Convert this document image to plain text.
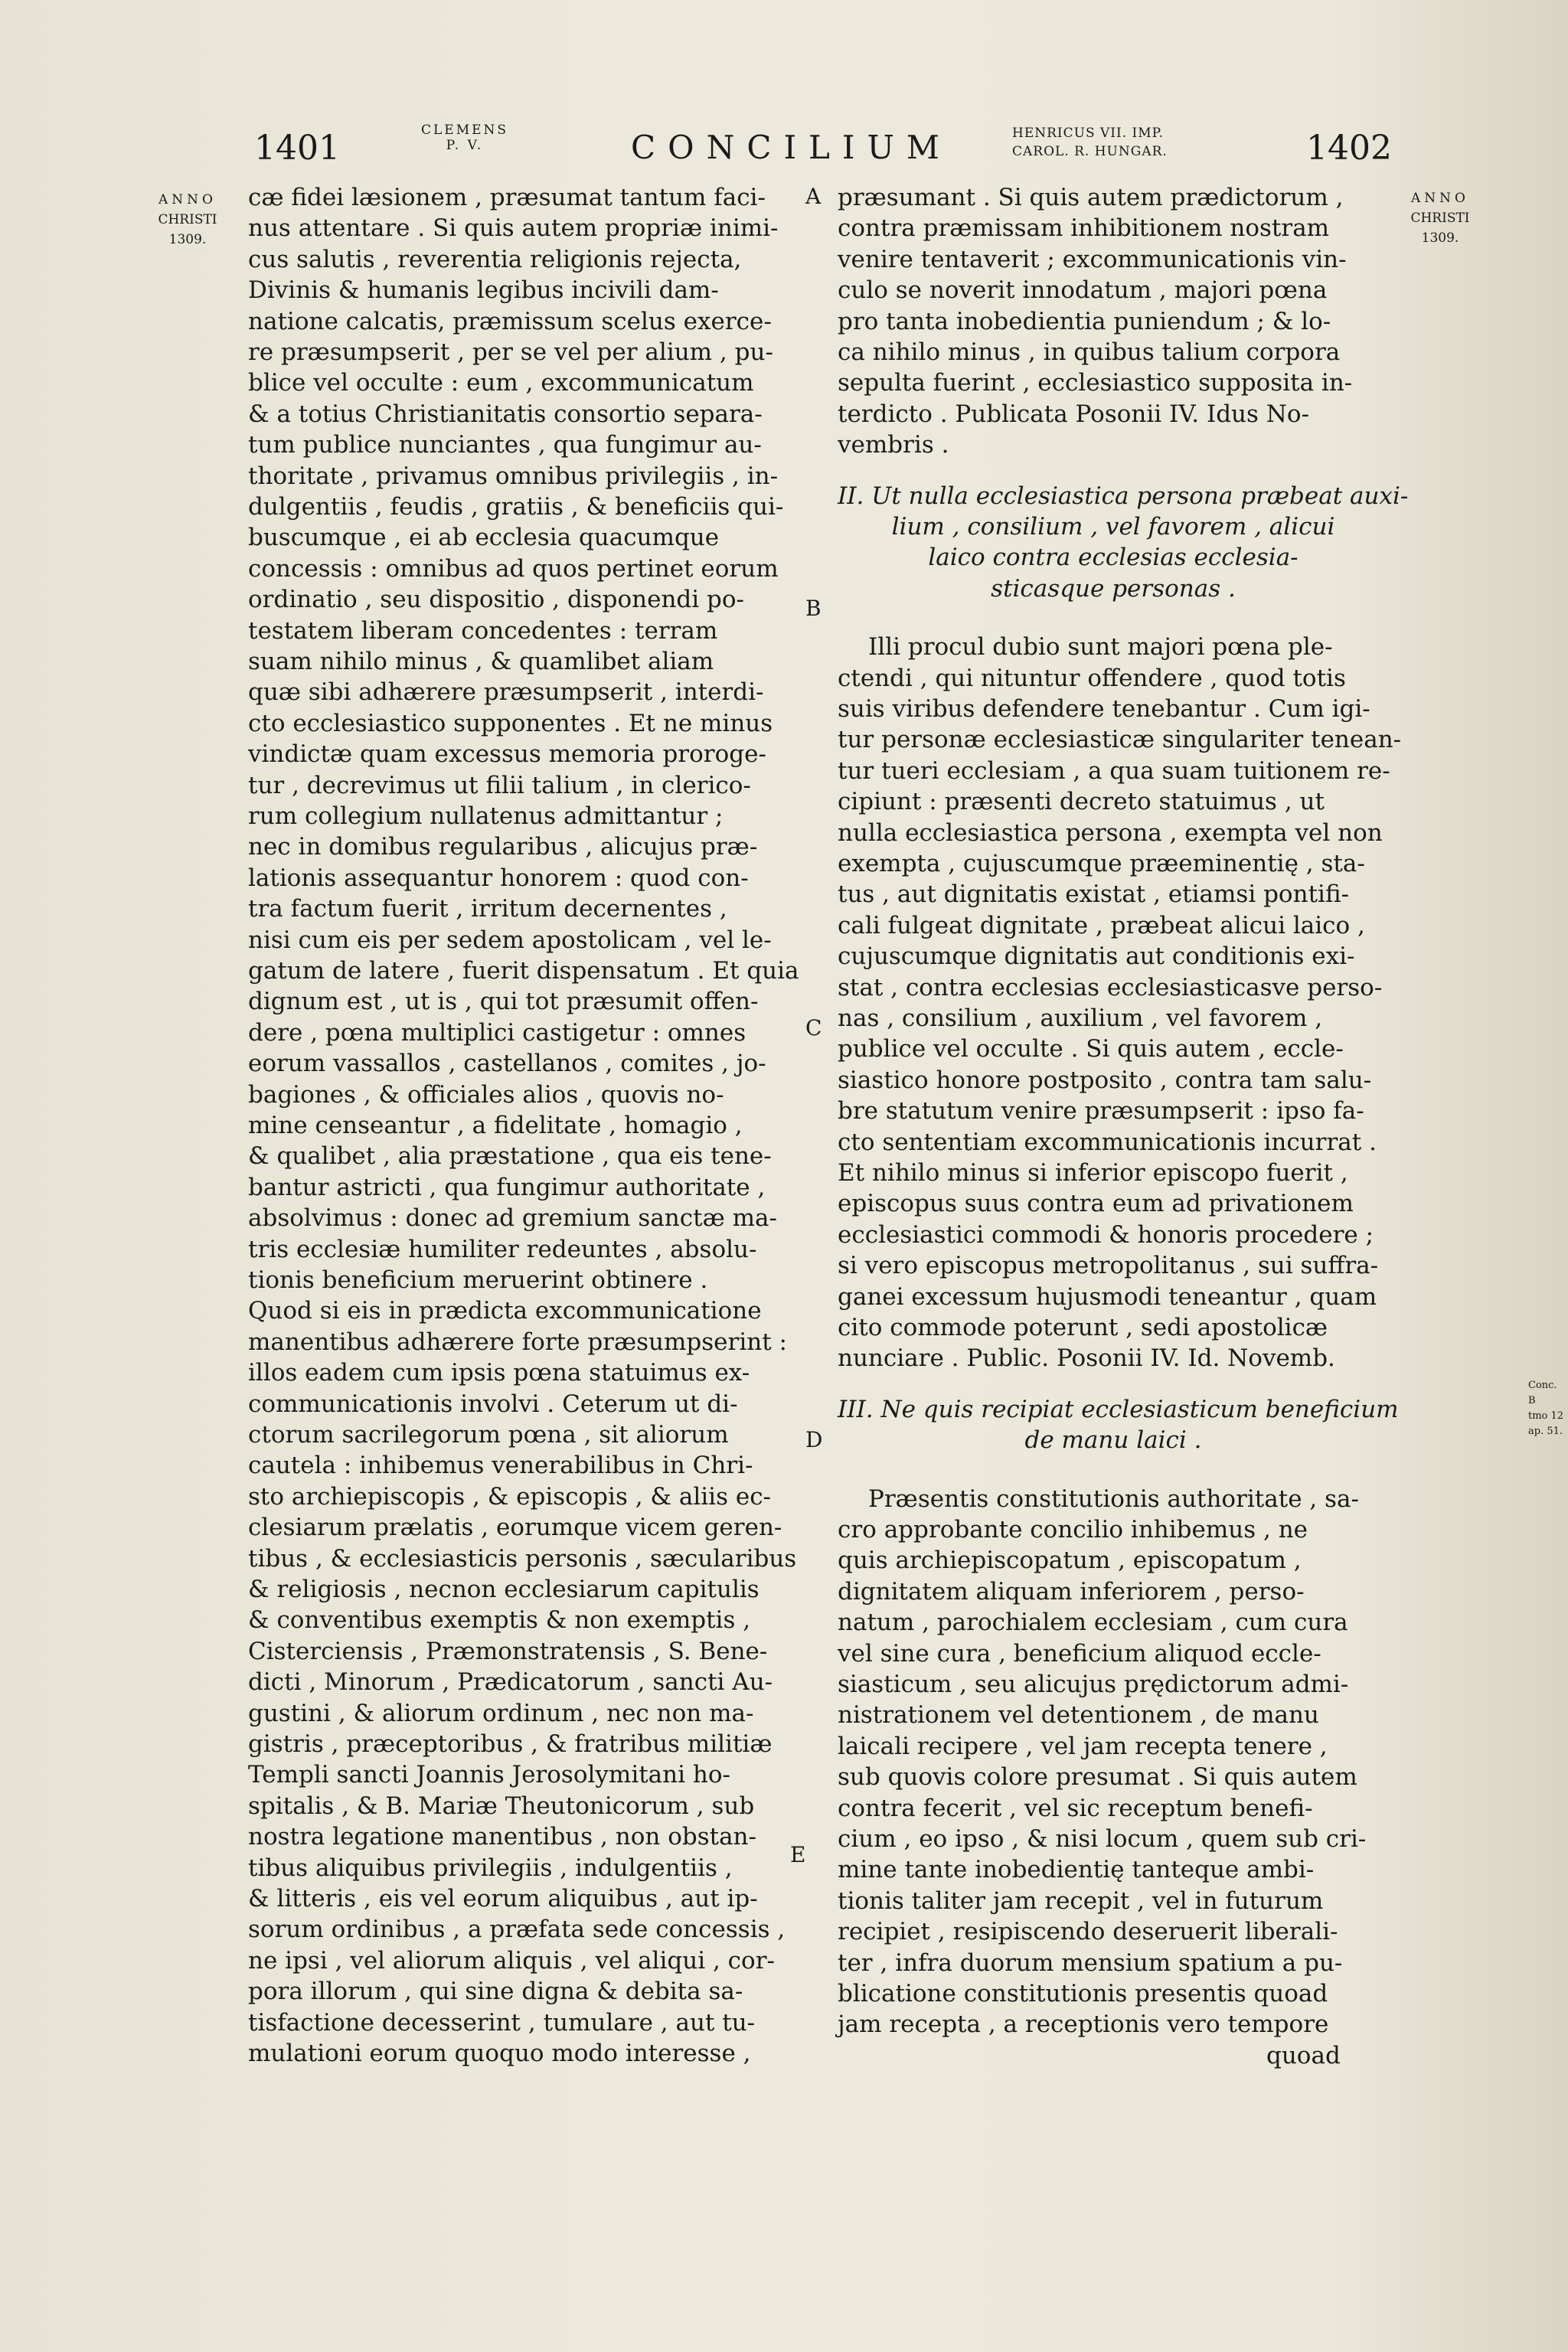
1401	CLEMENS
P. V.	CONCILIUM	HENRICUS VII. IMP.
CAROL. R. HUNGAR.	1402
ANNO
CHRISTI
1309.
ANNO
CHRISTI
1309.
Conc. B
tmo 12
ap. 51.
A
B
C
D
E
cæ fidei læsionem , præsumat tantum faci-
nus attentare . Si quis autem propriæ inimi-
cus salutis , reverentia religionis rejecta,
Divinis & humanis legibus incivili dam-
natione calcatis, præmissum scelus exerce-
re præsumpserit , per se vel per alium , pu-
blice vel occulte : eum , excommunicatum
& a totius Christianitatis consortio separa-
tum publice nunciantes , qua fungimur au-
thoritate , privamus omnibus privilegiis , in-
dulgentiis , feudis , gratiis , & beneficiis qui-
buscumque , ei ab ecclesia quacumque
concessis : omnibus ad quos pertinet eorum
ordinatio , seu dispositio , disponendi po-
testatem liberam concedentes : terram
suam nihilo minus , & quamlibet aliam
quæ sibi adhærere præsumpserit , interdi-
cto ecclesiastico supponentes . Et ne minus
vindictæ quam excessus memoria proroge-
tur , decrevimus ut filii talium , in clerico-
rum collegium nullatenus admittantur ;
nec in domibus regularibus , alicujus præ-
lationis assequantur honorem : quod con-
tra factum fuerit , irritum decernentes ,
nisi cum eis per sedem apostolicam , vel le-
gatum de latere , fuerit dispensatum . Et quia
dignum est , ut is , qui tot præsumit offen-
dere , pœna multiplici castigetur : omnes
eorum vassallos , castellanos , comites , jo-
bagiones , & officiales alios , quovis no-
mine censeantur , a fidelitate , homagio ,
& qualibet , alia præstatione , qua eis tene-
bantur astricti , qua fungimur authoritate ,
absolvimus : donec ad gremium sanctæ ma-
tris ecclesiæ humiliter redeuntes , absolu-
tionis beneficium meruerint obtinere .
Quod si eis in prædicta excommunicatione
manentibus adhærere forte præsumpserint :
illos eadem cum ipsis pœna statuimus ex-
communicationis involvi . Ceterum ut di-
ctorum sacrilegorum pœna , sit aliorum
cautela : inhibemus venerabilibus in Chri-
sto archiepiscopis , & episcopis , & aliis ec-
clesiarum prælatis , eorumque vicem geren-
tibus , & ecclesiasticis personis , sæcularibus
& religiosis , necnon ecclesiarum capitulis
& conventibus exemptis & non exemptis ,
Cisterciensis , Præmonstratensis , S. Bene-
dicti , Minorum , Prædicatorum , sancti Au-
gustini , & aliorum ordinum , nec non ma-
gistris , præceptoribus , & fratribus militiæ
Templi sancti Joannis Jerosolymitani ho-
spitalis , & B. Mariæ Theutonicorum , sub
nostra legatione manentibus , non obstan-
tibus aliquibus privilegiis , indulgentiis ,
& litteris , eis vel eorum aliquibus , aut ip-
sorum ordinibus , a præfata sede concessis ,
ne ipsi , vel aliorum aliquis , vel aliqui , cor-
pora illorum , qui sine digna & debita sa-
tisfactione decesserint , tumulare , aut tu-
mulationi eorum quoquo modo interesse ,
præsumant . Si quis autem prædictorum ,
contra præmissam inhibitionem nostram
venire tentaverit ; excommunicationis vin-
culo se noverit innodatum , majori pœna
pro tanta inobedientia puniendum ; & lo-
ca nihilo minus , in quibus talium corpora
sepulta fuerint , ecclesiastico supposita in-
terdicto . Publicata Posonii IV. Idus No-
vembris .
II. Ut nulla ecclesiastica persona præbeat auxi-
lium , consilium , vel favorem , alicui
laico contra ecclesias ecclesia-
sticasque personas .
Illi procul dubio sunt majori pœna ple-
ctendi , qui nituntur offendere , quod totis
suis viribus defendere tenebantur . Cum igi-
tur personæ ecclesiasticæ singulariter tenean-
tur tueri ecclesiam , a qua suam tuitionem re-
cipiunt : præsenti decreto statuimus , ut
nulla ecclesiastica persona , exempta vel non
exempta , cujuscumque præeminentię , sta-
tus , aut dignitatis existat , etiamsi pontifi-
cali fulgeat dignitate , præbeat alicui laico ,
cujuscumque dignitatis aut conditionis exi-
stat , contra ecclesias ecclesiasticasve perso-
nas , consilium , auxilium , vel favorem ,
publice vel occulte . Si quis autem , eccle-
siastico honore postposito , contra tam salu-
bre statutum venire præsumpserit : ipso fa-
cto sententiam excommunicationis incurrat .
Et nihilo minus si inferior episcopo fuerit ,
episcopus suus contra eum ad privationem
ecclesiastici commodi & honoris procedere ;
si vero episcopus metropolitanus , sui suffra-
ganei excessum hujusmodi teneantur , quam
cito commode poterunt , sedi apostolicæ
nunciare . Public. Posonii IV. Id. Novemb.
III. Ne quis recipiat ecclesiasticum beneficium
de manu laici .
Præsentis constitutionis authoritate , sa-
cro approbante concilio inhibemus , ne
quis archiepiscopatum , episcopatum ,
dignitatem aliquam inferiorem , perso-
natum , parochialem ecclesiam , cum cura
vel sine cura , beneficium aliquod eccle-
siasticum , seu alicujus prędictorum admi-
nistrationem vel detentionem , de manu
laicali recipere , vel jam recepta tenere ,
sub quovis colore presumat . Si quis autem
contra fecerit , vel sic receptum benefi-
cium , eo ipso , & nisi locum , quem sub cri-
mine tante inobedientię tanteque ambi-
tionis taliter jam recepit , vel in futurum
recipiet , resipiscendo deseruerit liberali-
ter , infra duorum mensium spatium a pu-
blicatione constitutionis presentis quoad
jam recepta , a receptionis vero tempore
quoad
